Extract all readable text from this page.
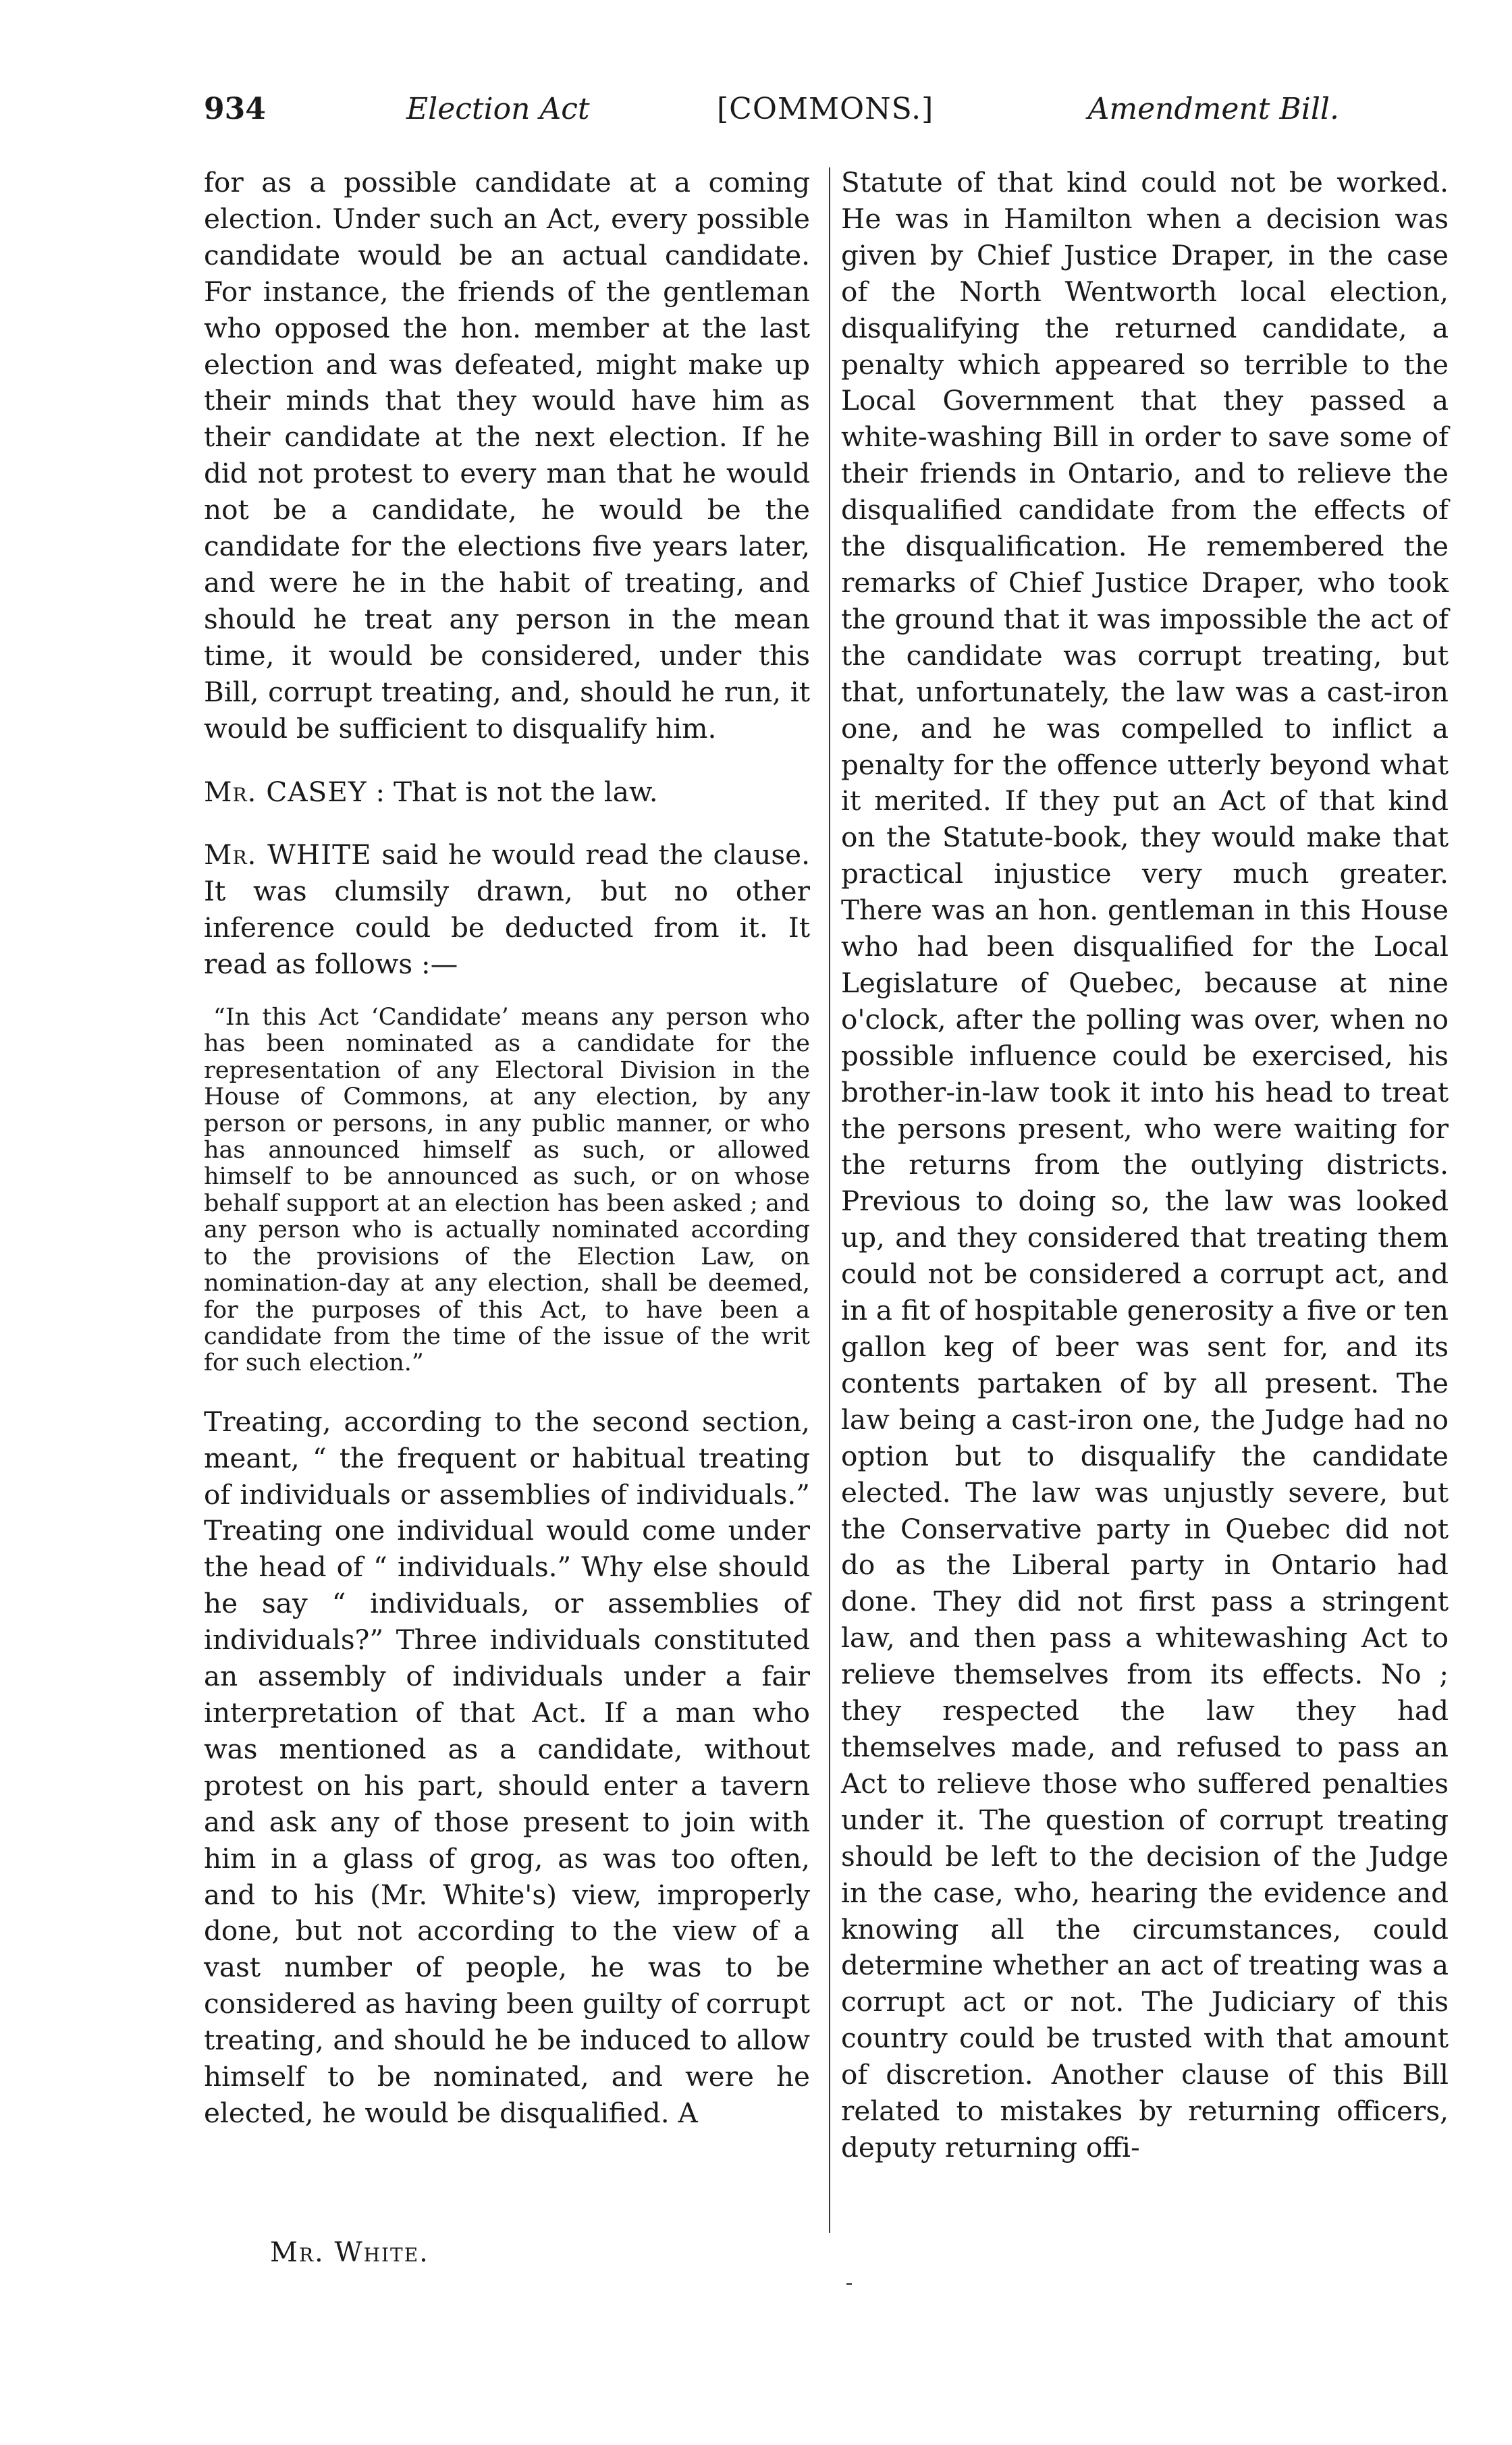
934	Election Act	[COMMONS.]	Amendment Bill.

for as a possible candidate at a coming election. Under such an Act, every possible candidate would be an actual candidate. For instance, the friends of the gentleman who opposed the hon. member at the last election and was defeated, might make up their minds that they would have him as their candidate at the next election. If he did not protest to every man that he would not be a candidate, he would be the candidate for the elections five years later, and were he in the habit of treating, and should he treat any person in the mean time, it would be considered, under this Bill, corrupt treating, and, should he run, it would be sufficient to disqualify him.

Mr. CASEY : That is not the law.

Mr. WHITE said he would read the clause. It was clumsily drawn, but no other inference could be deducted from it. It read as follows :—

“In this Act ‘Candidate’ means any person who has been nominated as a candidate for the representation of any Electoral Division in the House of Commons, at any election, by any person or persons, in any public manner, or who has announced himself as such, or allowed himself to be announced as such, or on whose behalf support at an election has been asked ; and any person who is actually nominated according to the provisions of the Election Law, on nomination-day at any election, shall be deemed, for the purposes of this Act, to have been a candidate from the time of the issue of the writ for such election.”

Treating, according to the second section, meant, “ the frequent or habitual treating of individuals or assemblies of individuals.” Treating one individual would come under the head of “ individuals.” Why else should he say “ individuals, or assemblies of individuals?” Three individuals constituted an assembly of individuals under a fair interpretation of that Act. If a man who was mentioned as a candidate, without protest on his part, should enter a tavern and ask any of those present to join with him in a glass of grog, as was too often, and to his (Mr. White's) view, improperly done, but not according to the view of a vast number of people, he was to be considered as having been guilty of corrupt treating, and should he be induced to allow himself to be nominated, and were he elected, he would be disqualified. A

Statute of that kind could not be worked. He was in Hamilton when a decision was given by Chief Justice Draper, in the case of the North Wentworth local election, disqualifying the returned candidate, a penalty which appeared so terrible to the Local Government that they passed a white-washing Bill in order to save some of their friends in Ontario, and to relieve the disqualified candidate from the effects of the disqualification. He remembered the remarks of Chief Justice Draper, who took the ground that it was impossible the act of the candidate was corrupt treating, but that, unfortunately, the law was a cast-iron one, and he was compelled to inflict a penalty for the offence utterly beyond what it merited. If they put an Act of that kind on the Statute-book, they would make that practical injustice very much greater. There was an hon. gentleman in this House who had been disqualified for the Local Legislature of Quebec, because at nine o'clock, after the polling was over, when no possible influence could be exercised, his brother-in-law took it into his head to treat the persons present, who were waiting for the returns from the outlying districts. Previous to doing so, the law was looked up, and they considered that treating them could not be considered a corrupt act, and in a fit of hospitable generosity a five or ten gallon keg of beer was sent for, and its contents partaken of by all present. The law being a cast-iron one, the Judge had no option but to disqualify the candidate elected. The law was unjustly severe, but the Conservative party in Quebec did not do as the Liberal party in Ontario had done. They did not first pass a stringent law, and then pass a whitewashing Act to relieve themselves from its effects. No ; they respected the law they had themselves made, and refused to pass an Act to relieve those who suffered penalties under it. The question of corrupt treating should be left to the decision of the Judge in the case, who, hearing the evidence and knowing all the circumstances, could determine whether an act of treating was a corrupt act or not. The Judiciary of this country could be trusted with that amount of discretion. Another clause of this Bill related to mistakes by returning officers, deputy returning offi-

Mr. White.
